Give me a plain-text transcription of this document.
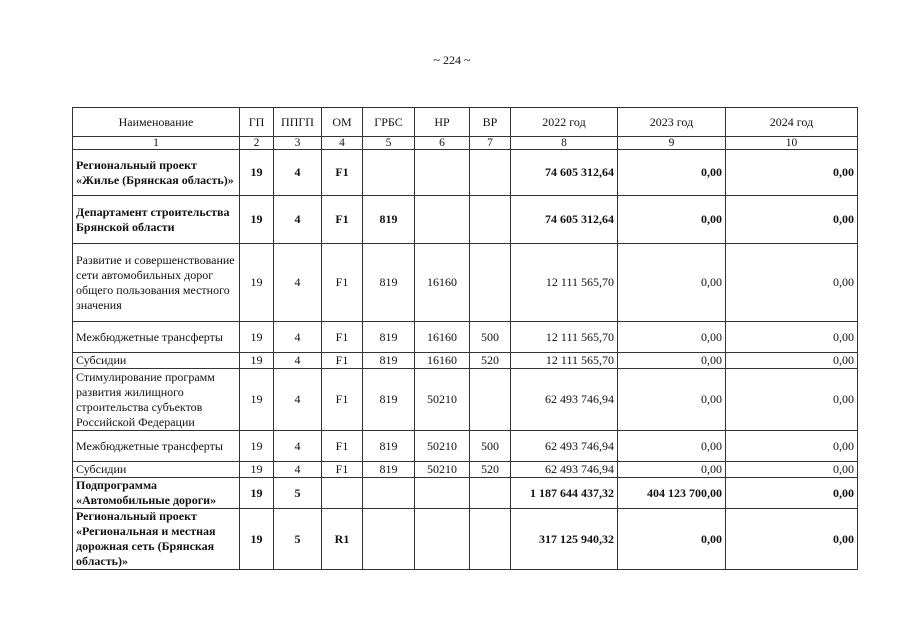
~ 224 ~
Наименование	ГП	ППГП	ОМ	ГРБС	НР	ВР	2022 год	2023 год	2024 год
1	2	3	4	5	6	7	8	9	10
Региональный проект «Жилье (Брянская область)»	19	4	F1				74 605 312,64	0,00	0,00
Департамент строительства Брянской области	19	4	F1	819			74 605 312,64	0,00	0,00
Развитие и совершенствование сети автомобильных дорог общего пользования местного значения	19	4	F1	819	16160		12 111 565,70	0,00	0,00
Межбюджетные трансферты	19	4	F1	819	16160	500	12 111 565,70	0,00	0,00
Субсидии	19	4	F1	819	16160	520	12 111 565,70	0,00	0,00
Стимулирование программ развития жилищного строительства субъектов Российской Федерации	19	4	F1	819	50210		62 493 746,94	0,00	0,00
Межбюджетные трансферты	19	4	F1	819	50210	500	62 493 746,94	0,00	0,00
Субсидии	19	4	F1	819	50210	520	62 493 746,94	0,00	0,00
Подпрограмма «Автомобильные дороги»	19	5					1 187 644 437,32	404 123 700,00	0,00
Региональный проект «Региональная и местная дорожная сеть (Брянская область)»	19	5	R1				317 125 940,32	0,00	0,00
